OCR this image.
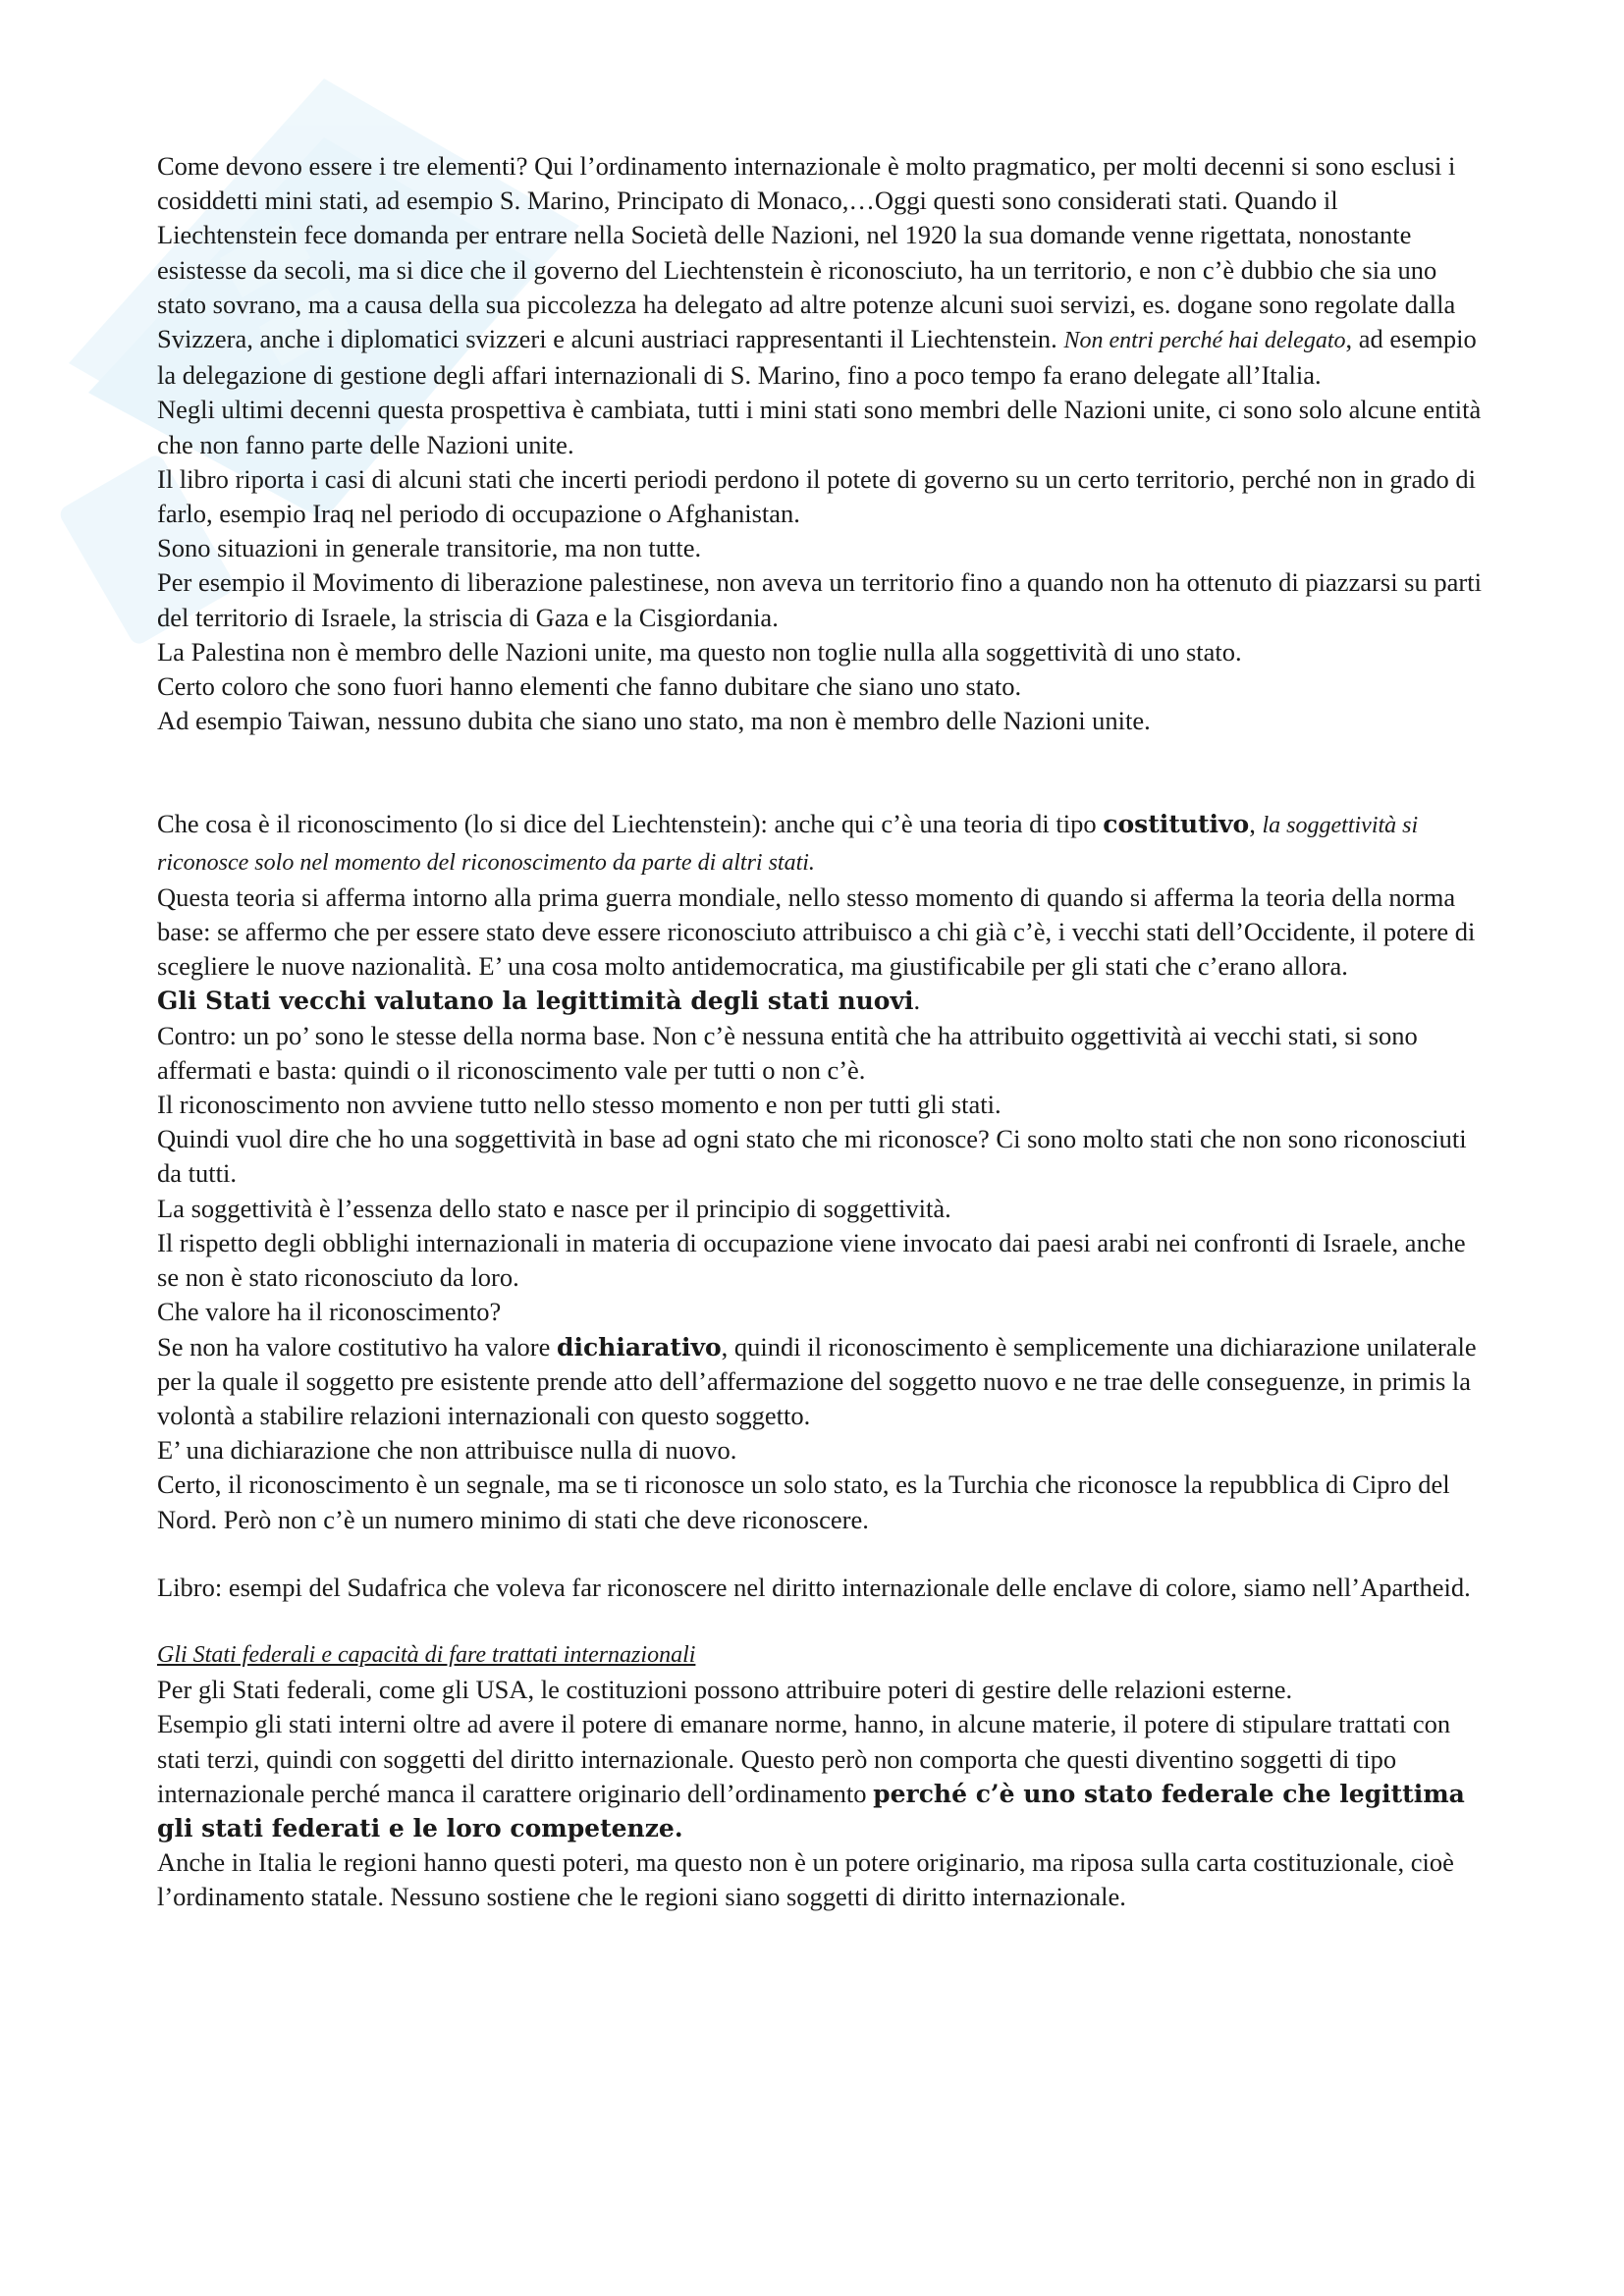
Come devono essere i tre elementi? Qui l’ordinamento internazionale è molto pragmatico, per molti decenni si sono esclusi i cosiddetti mini stati, ad esempio S. Marino, Principato di Monaco,…Oggi questi sono considerati stati. Quando il Liechtenstein fece domanda per entrare nella Società delle Nazioni, nel 1920 la sua domande venne rigettata, nonostante esistesse da secoli, ma si dice che il governo del Liechtenstein è riconosciuto, ha un territorio, e non c’è dubbio che sia uno stato sovrano, ma a causa della sua piccolezza ha delegato ad altre potenze alcuni suoi servizi, es. dogane sono regolate dalla Svizzera, anche i diplomatici svizzeri e alcuni austriaci rappresentanti il Liechtenstein. Non entri perché hai delegato, ad esempio la delegazione di gestione degli affari internazionali di S. Marino, fino a poco tempo fa erano delegate all’Italia.

Negli ultimi decenni questa prospettiva è cambiata, tutti i mini stati sono membri delle Nazioni unite, ci sono solo alcune entità che non fanno parte delle Nazioni unite.

Il libro riporta i casi di alcuni stati che incerti periodi perdono il potete di governo su un certo territorio, perché non in grado di farlo, esempio Iraq nel periodo di occupazione o Afghanistan.

Sono situazioni in generale transitorie, ma non tutte.

Per esempio il Movimento di liberazione palestinese, non aveva un territorio fino a quando non ha ottenuto di piazzarsi su parti del territorio di Israele, la striscia di Gaza e la Cisgiordania.

La Palestina non è membro delle Nazioni unite, ma questo non toglie nulla alla soggettività di uno stato.

Certo coloro che sono fuori hanno elementi che fanno dubitare che siano uno stato.

Ad esempio Taiwan, nessuno dubita che siano uno stato, ma non è membro delle Nazioni unite.

Che cosa è il riconoscimento (lo si dice del Liechtenstein): anche qui c’è una teoria di tipo costitutivo, la soggettività si riconosce solo nel momento del riconoscimento da parte di altri stati.

Questa teoria si afferma intorno alla prima guerra mondiale, nello stesso momento di quando si afferma la teoria della norma base: se affermo che per essere stato deve essere riconosciuto attribuisco a chi già c’è, i vecchi stati dell’Occidente, il potere di scegliere le nuove nazionalità. E’ una cosa molto antidemocratica, ma giustificabile per gli stati che c’erano allora.

Gli Stati vecchi valutano la legittimità degli stati nuovi.

Contro: un po’ sono le stesse della norma base. Non c’è nessuna entità che ha attribuito oggettività ai vecchi stati, si sono affermati e basta: quindi o il riconoscimento vale per tutti o non c’è.

Il riconoscimento non avviene tutto nello stesso momento e non per tutti gli stati.

Quindi vuol dire che ho una soggettività in base ad ogni stato che mi riconosce? Ci sono molto stati che non sono riconosciuti da tutti.

La soggettività è l’essenza dello stato e nasce per il principio di soggettività.

Il rispetto degli obblighi internazionali in materia di occupazione viene invocato dai paesi arabi nei confronti di Israele, anche se non è stato riconosciuto da loro.

Che valore ha il riconoscimento?

Se non ha valore costitutivo ha valore dichiarativo, quindi il riconoscimento è semplicemente una dichiarazione unilaterale per la quale il soggetto pre esistente prende atto dell’affermazione del soggetto nuovo e ne trae delle conseguenze, in primis la volontà a stabilire relazioni internazionali con questo soggetto.

E’ una dichiarazione che non attribuisce nulla di nuovo.

Certo, il riconoscimento è un segnale, ma se ti riconosce un solo stato, es la Turchia che riconosce la repubblica di Cipro del Nord. Però non c’è un numero minimo di stati che deve riconoscere.

Libro: esempi del Sudafrica che voleva far riconoscere nel diritto internazionale delle enclave di colore, siamo nell’Apartheid.

Gli Stati federali e capacità di fare trattati internazionali

Per gli Stati federali, come gli USA, le costituzioni possono attribuire poteri di gestire delle relazioni esterne.

Esempio gli stati interni oltre ad avere il potere di emanare norme, hanno, in alcune materie, il potere di stipulare trattati con stati terzi, quindi con soggetti del diritto internazionale. Questo però non comporta che questi diventino soggetti di tipo internazionale perché manca il carattere originario dell’ordinamento perché c’è uno stato federale che legittima gli stati federati e le loro competenze.

Anche in Italia le regioni hanno questi poteri, ma questo non è un potere originario, ma riposa sulla carta costituzionale, cioè l’ordinamento statale. Nessuno sostiene che le regioni siano soggetti di diritto internazionale.
